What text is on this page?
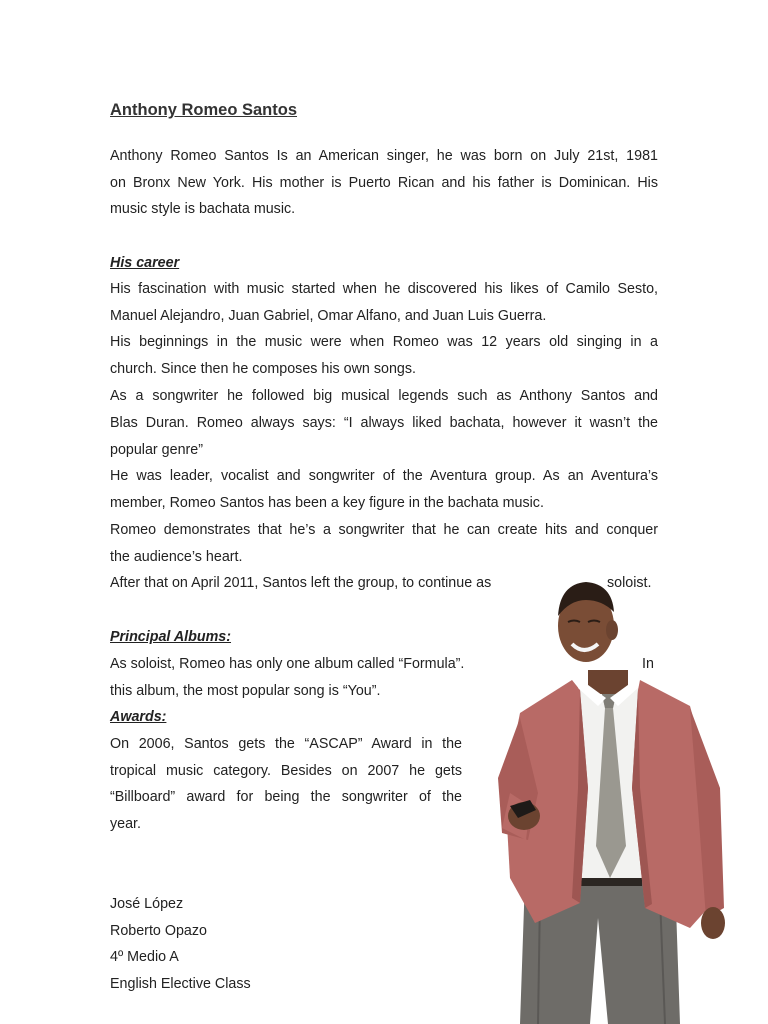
Anthony Romeo Santos
Anthony Romeo Santos Is an American singer, he was born on July 21st, 1981
on Bronx New York. His mother is Puerto Rican and his father is Dominican. His
music style is bachata music.
His career
His fascination with music started when he discovered his likes of Camilo Sesto,
Manuel Alejandro, Juan Gabriel, Omar Alfano, and Juan Luis Guerra.
His beginnings in the music were when Romeo was 12 years old singing in a
church. Since then he composes his own songs.
As a songwriter he followed big musical legends such as Anthony Santos and
Blas Duran. Romeo always says: “I always liked bachata, however it wasn’t the
popular genre”
He was leader, vocalist and songwriter of the Aventura group. As an Aventura’s
member, Romeo Santos has been a key figure in the bachata music.
Romeo demonstrates that he’s a songwriter that he can create hits and conquer
the audience’s heart.
After that on April 2011, Santos left the group, to continue as	soloist.
Principal Albums:
As soloist, Romeo has only one album called “Formula”.	In
this album, the most popular song is “You”.
Awards:
On 2006, Santos gets the “ASCAP” Award in the
tropical music category. Besides on 2007 he gets
“Billboard” award for being the songwriter of the
year.
José López
Roberto Opazo
4º Medio A
English Elective Class
